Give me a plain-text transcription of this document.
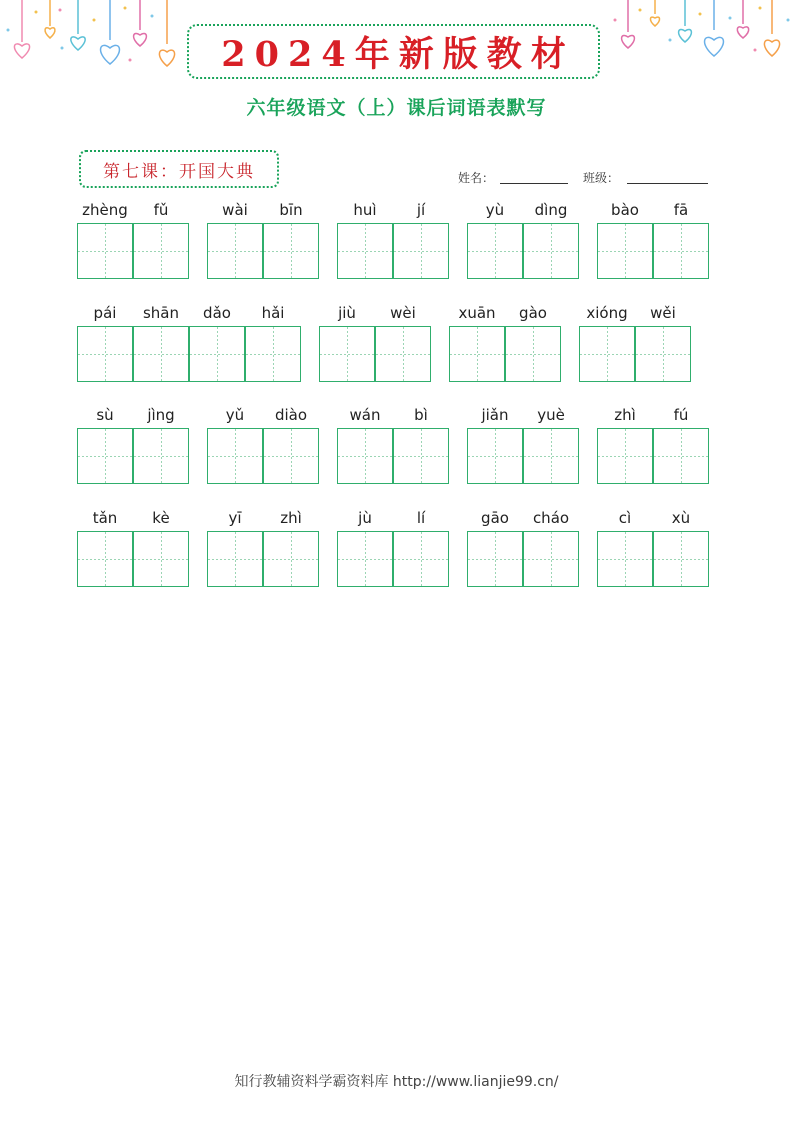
2024年新版教材
六年级语文（上）课后词语表默写
第七课：开国大典	姓名：	班级：
zhèng	fǔ	wài	bīn	huì	jí	yù	dìng	bào	fā
pái	shān	dǎo	hǎi	jiù	wèi	xuān	gào	xióng	wěi
sù	jìng	yǔ	diào	wán	bì	jiǎn	yuè	zhì	fú
tǎn	kè	yī	zhì	jù	lí	gāo	cháo	cì	xù
知行教辅资料学霸资料库 http://www.lianjie99.cn/
